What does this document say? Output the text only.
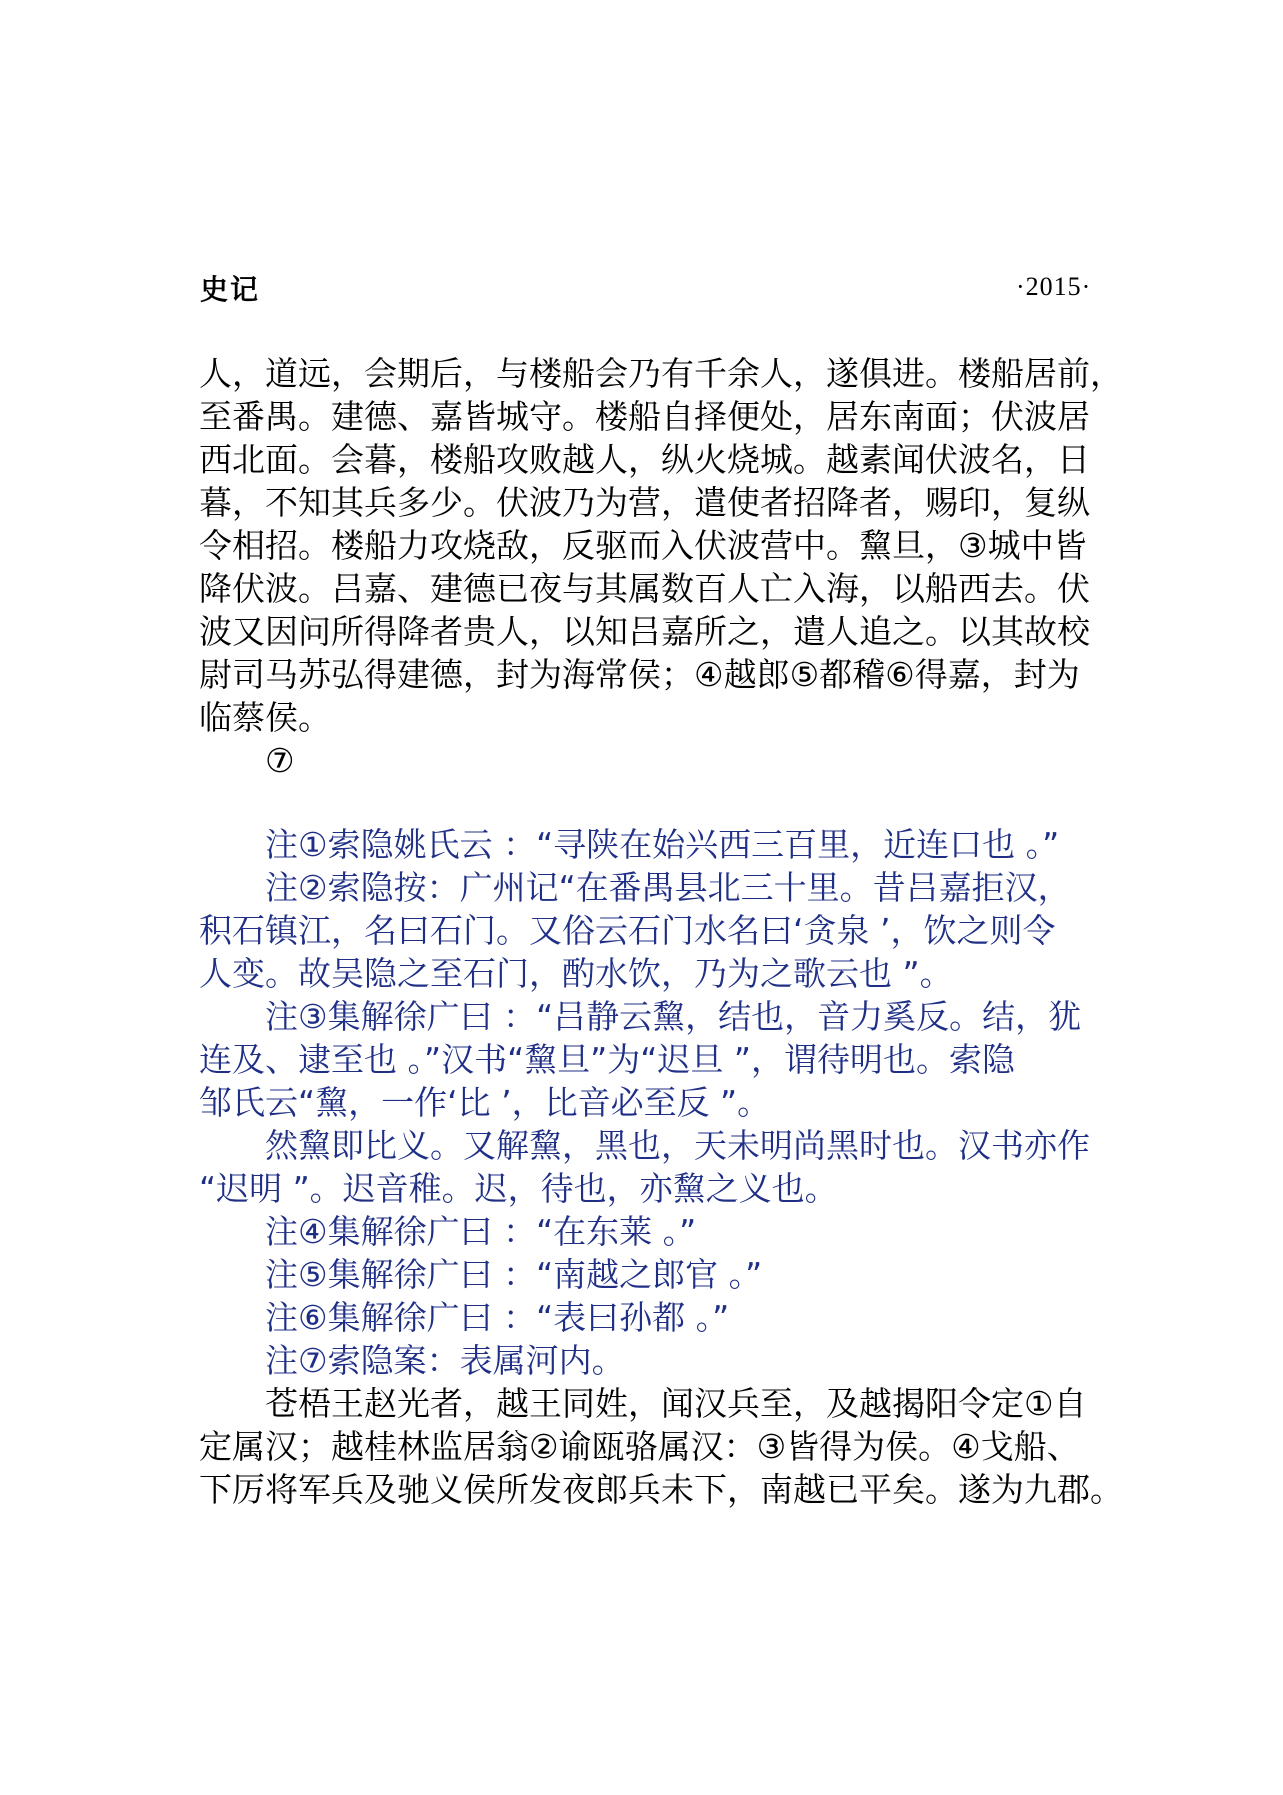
史记	·2015·
人，道远，会期后，与楼船会乃有千余人，遂俱进。楼船居前，
至番禺。建德、嘉皆城守。楼船自择便处，居东南面；伏波居
西北面。会暮，楼船攻败越人，纵火烧城。越素闻伏波名，日
暮，不知其兵多少。伏波乃为营，遣使者招降者，赐印，复纵
令相招。楼船力攻烧敌，反驱而入伏波营中。黧旦，③城中皆
降伏波。吕嘉、建德已夜与其属数百人亡入海，以船西去。伏
波又因问所得降者贵人，以知吕嘉所之，遣人追之。以其故校
尉司马苏弘得建德，封为海常侯；④越郎⑤都稽⑥得嘉，封为
临蔡侯。
⑦
注①索隐姚氏云 ：“寻陕在始兴西三百里，近连口也 。”
注②索隐按：广州记“在番禺县北三十里。昔吕嘉拒汉，
积石镇江，名曰石门。又俗云石门水名曰‘贪泉 ’，饮之则令
人变。故吴隐之至石门，酌水饮，乃为之歌云也 ”。
注③集解徐广曰 ：“吕静云黧，结也，音力奚反。结，犹
连及、逮至也 。”汉书“黧旦”为“迟旦 ”，谓待明也。索隐
邹氏云“黧，一作‘比 ’，比音必至反 ”。
然黧即比义。又解黧，黑也，天未明尚黑时也。汉书亦作
“迟明 ”。迟音稚。迟，待也，亦黧之义也。
注④集解徐广曰 ：“在东莱 。”
注⑤集解徐广曰 ：“南越之郎官 。”
注⑥集解徐广曰 ：“表曰孙都 。”
注⑦索隐案：表属河内。
苍梧王赵光者，越王同姓，闻汉兵至，及越揭阳令定①自
定属汉；越桂林监居翁②谕瓯骆属汉：③皆得为侯。④戈船、
下厉将军兵及驰义侯所发夜郎兵未下，南越已平矣。遂为九郡。
